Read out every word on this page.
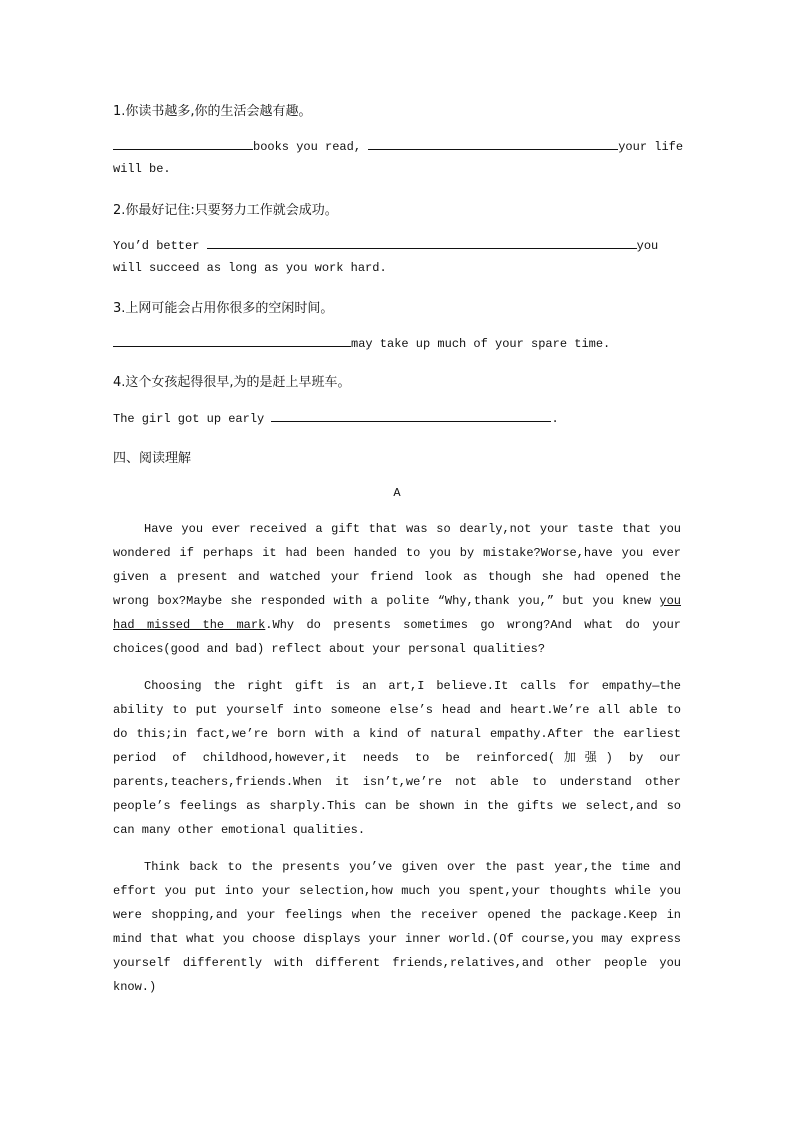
1.你读书越多,你的生活会越有趣。
books you read,	your life
will be.
2.你最好记住:只要努力工作就会成功。
You’d better	you
will succeed as long as you work hard.
3.上网可能会占用你很多的空闲时间。
may take up much of your spare time.
4.这个女孩起得很早,为的是赶上早班车。
The girl got up early	.
四、阅读理解
A

Have you ever received a gift that was so dearly,not your taste that you wondered if perhaps it had been handed to you by mistake?Worse,have you ever given a present and watched your friend look as though she had opened the wrong box?Maybe she responded with a polite “Why,thank you,” but you knew you had missed the mark.Why do presents sometimes go wrong?And what do your choices(good and bad) reflect about your personal qualities?

Choosing the right gift is an art,I believe.It calls for empathy—the ability to put yourself into someone else’s head and heart.We’re all able to do this;in fact,we’re born with a kind of natural empathy.After the earliest period of childhood,however,it needs to be reinforced(加强) by our parents,teachers,friends.When it isn’t,we’re not able to understand other people’s feelings as sharply.This can be shown in the gifts we select,and so can many other emotional qualities.

Think back to the presents you’ve given over the past year,the time and effort you put into your selection,how much you spent,your thoughts while you were shopping,and your feelings when the receiver opened the package.Keep in mind that what you choose displays your inner world.(Of course,you may express yourself differently with different friends,relatives,and other people you know.)
